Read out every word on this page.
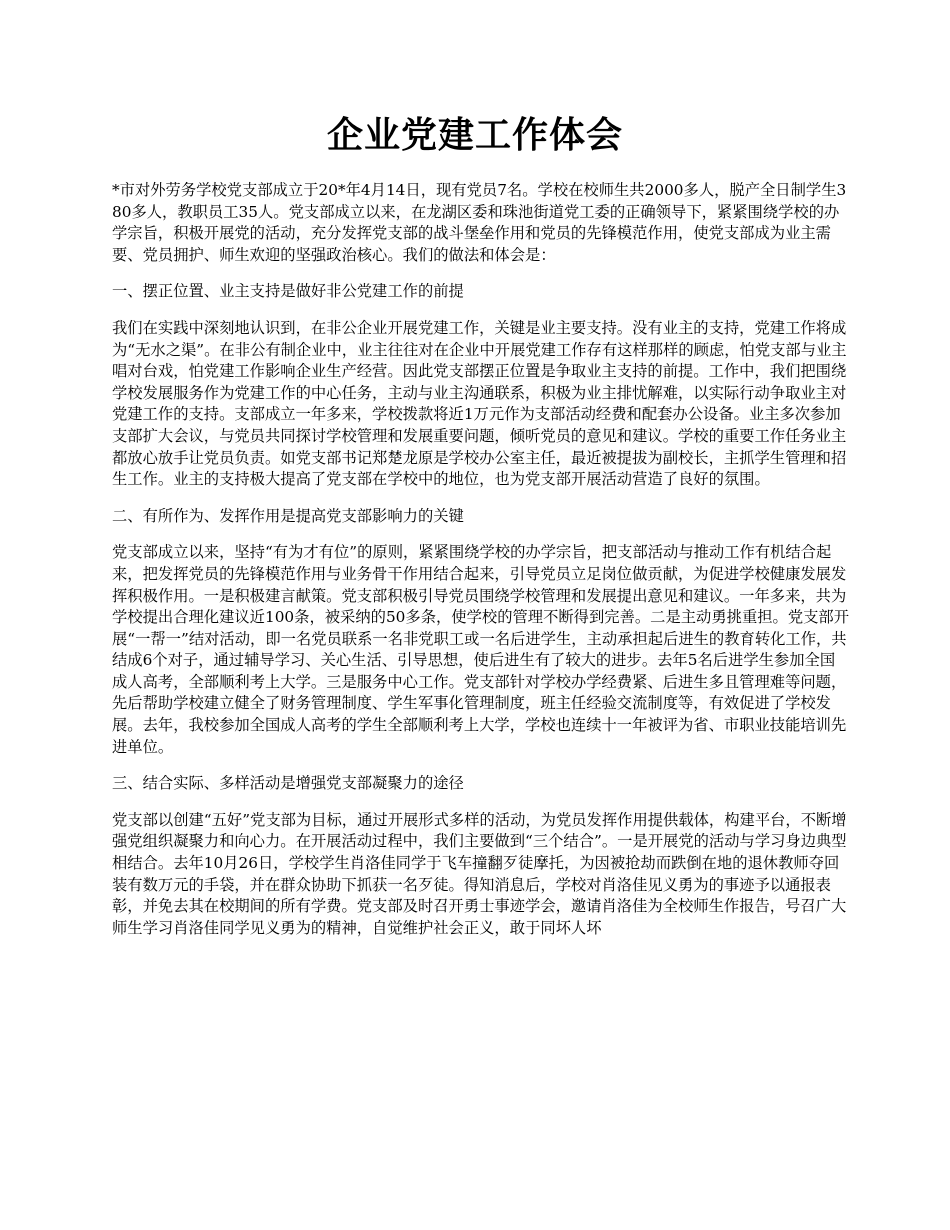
企业党建工作体会

*市对外劳务学校党支部成立于20*年4月14日，现有党员7名。学校在校师生共2000多人，脱产全日制学生380多人，教职员工35人。党支部成立以来，在龙湖区委和珠池街道党工委的正确领导下，紧紧围绕学校的办学宗旨，积极开展党的活动，充分发挥党支部的战斗堡垒作用和党员的先锋模范作用，使党支部成为业主需要、党员拥护、师生欢迎的坚强政治核心。我们的做法和体会是：

一、摆正位置、业主支持是做好非公党建工作的前提

我们在实践中深刻地认识到，在非公企业开展党建工作，关键是业主要支持。没有业主的支持，党建工作将成为“无水之渠”。在非公有制企业中，业主往往对在企业中开展党建工作存有这样那样的顾虑，怕党支部与业主唱对台戏，怕党建工作影响企业生产经营。因此党支部摆正位置是争取业主支持的前提。工作中，我们把围绕学校发展服务作为党建工作的中心任务，主动与业主沟通联系，积极为业主排忧解难，以实际行动争取业主对党建工作的支持。支部成立一年多来，学校拨款将近1万元作为支部活动经费和配套办公设备。业主多次参加支部扩大会议，与党员共同探讨学校管理和发展重要问题，倾听党员的意见和建议。学校的重要工作任务业主都放心放手让党员负责。如党支部书记郑楚龙原是学校办公室主任，最近被提拔为副校长，主抓学生管理和招生工作。业主的支持极大提高了党支部在学校中的地位，也为党支部开展活动营造了良好的氛围。

二、有所作为、发挥作用是提高党支部影响力的关键

党支部成立以来，坚持“有为才有位”的原则，紧紧围绕学校的办学宗旨，把支部活动与推动工作有机结合起来，把发挥党员的先锋模范作用与业务骨干作用结合起来，引导党员立足岗位做贡献，为促进学校健康发展发挥积极作用。一是积极建言献策。党支部积极引导党员围绕学校管理和发展提出意见和建议。一年多来，共为学校提出合理化建议近100条，被采纳的50多条，使学校的管理不断得到完善。二是主动勇挑重担。党支部开展“一帮一”结对活动，即一名党员联系一名非党职工或一名后进学生，主动承担起后进生的教育转化工作，共结成6个对子，通过辅导学习、关心生活、引导思想，使后进生有了较大的进步。去年5名后进学生参加全国成人高考，全部顺利考上大学。三是服务中心工作。党支部针对学校办学经费紧、后进生多且管理难等问题，先后帮助学校建立健全了财务管理制度、学生军事化管理制度，班主任经验交流制度等，有效促进了学校发展。去年，我校参加全国成人高考的学生全部顺利考上大学，学校也连续十一年被评为省、市职业技能培训先进单位。

三、结合实际、多样活动是增强党支部凝聚力的途径

党支部以创建“五好”党支部为目标，通过开展形式多样的活动，为党员发挥作用提供载体，构建平台，不断增强党组织凝聚力和向心力。在开展活动过程中，我们主要做到“三个结合”。一是开展党的活动与学习身边典型相结合。去年10月26日，学校学生肖洛佳同学于飞车撞翻歹徒摩托，为因被抢劫而跌倒在地的退休教师夺回装有数万元的手袋，并在群众协助下抓获一名歹徒。得知消息后，学校对肖洛佳见义勇为的事迹予以通报表彰，并免去其在校期间的所有学费。党支部及时召开勇士事迹学会，邀请肖洛佳为全校师生作报告，号召广大师生学习肖洛佳同学见义勇为的精神，自觉维护社会正义，敢于同坏人坏
